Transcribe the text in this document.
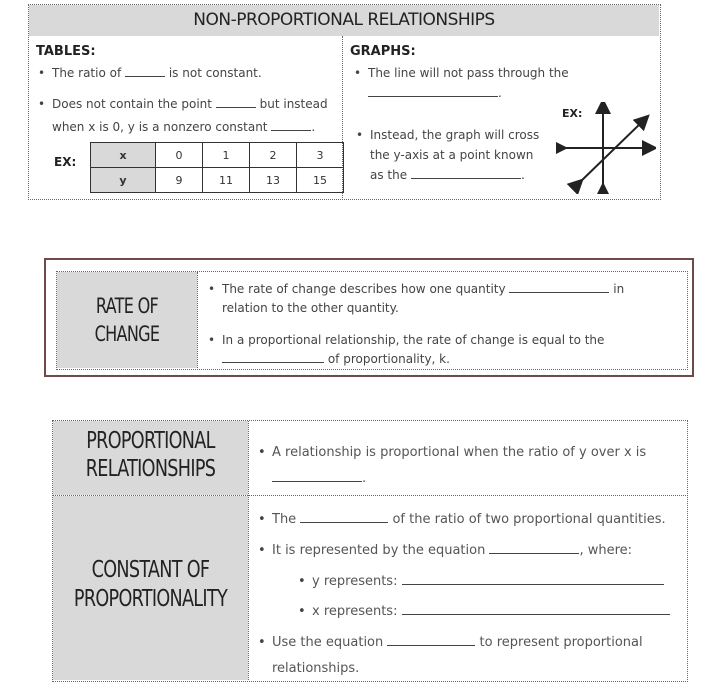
NON-PROPORTIONAL RELATIONSHIPS
TABLES:
The ratio of	is not constant.
Does not contain the point	but instead
when x is 0, y is a nonzero constant	.
EX:	x	0	1	2	3
y	9	11	13	15
GRAPHS:
The line will not pass through the
.
Instead, the graph will cross
the y-axis at a point known
as the	.
EX:
RATE OF
CHANGE
The rate of change describes how one quantity	in
relation to the other quantity.
In a proportional relationship, the rate of change is equal to the
of proportionality, k.
PROPORTIONAL
RELATIONSHIPS
A relationship is proportional when the ratio of y over x is
.
CONSTANT OF
PROPORTIONALITY
The	of the ratio of two proportional quantities.
It is represented by the equation	, where:
y represents:
x represents:
Use the equation	to represent proportional
relationships.
